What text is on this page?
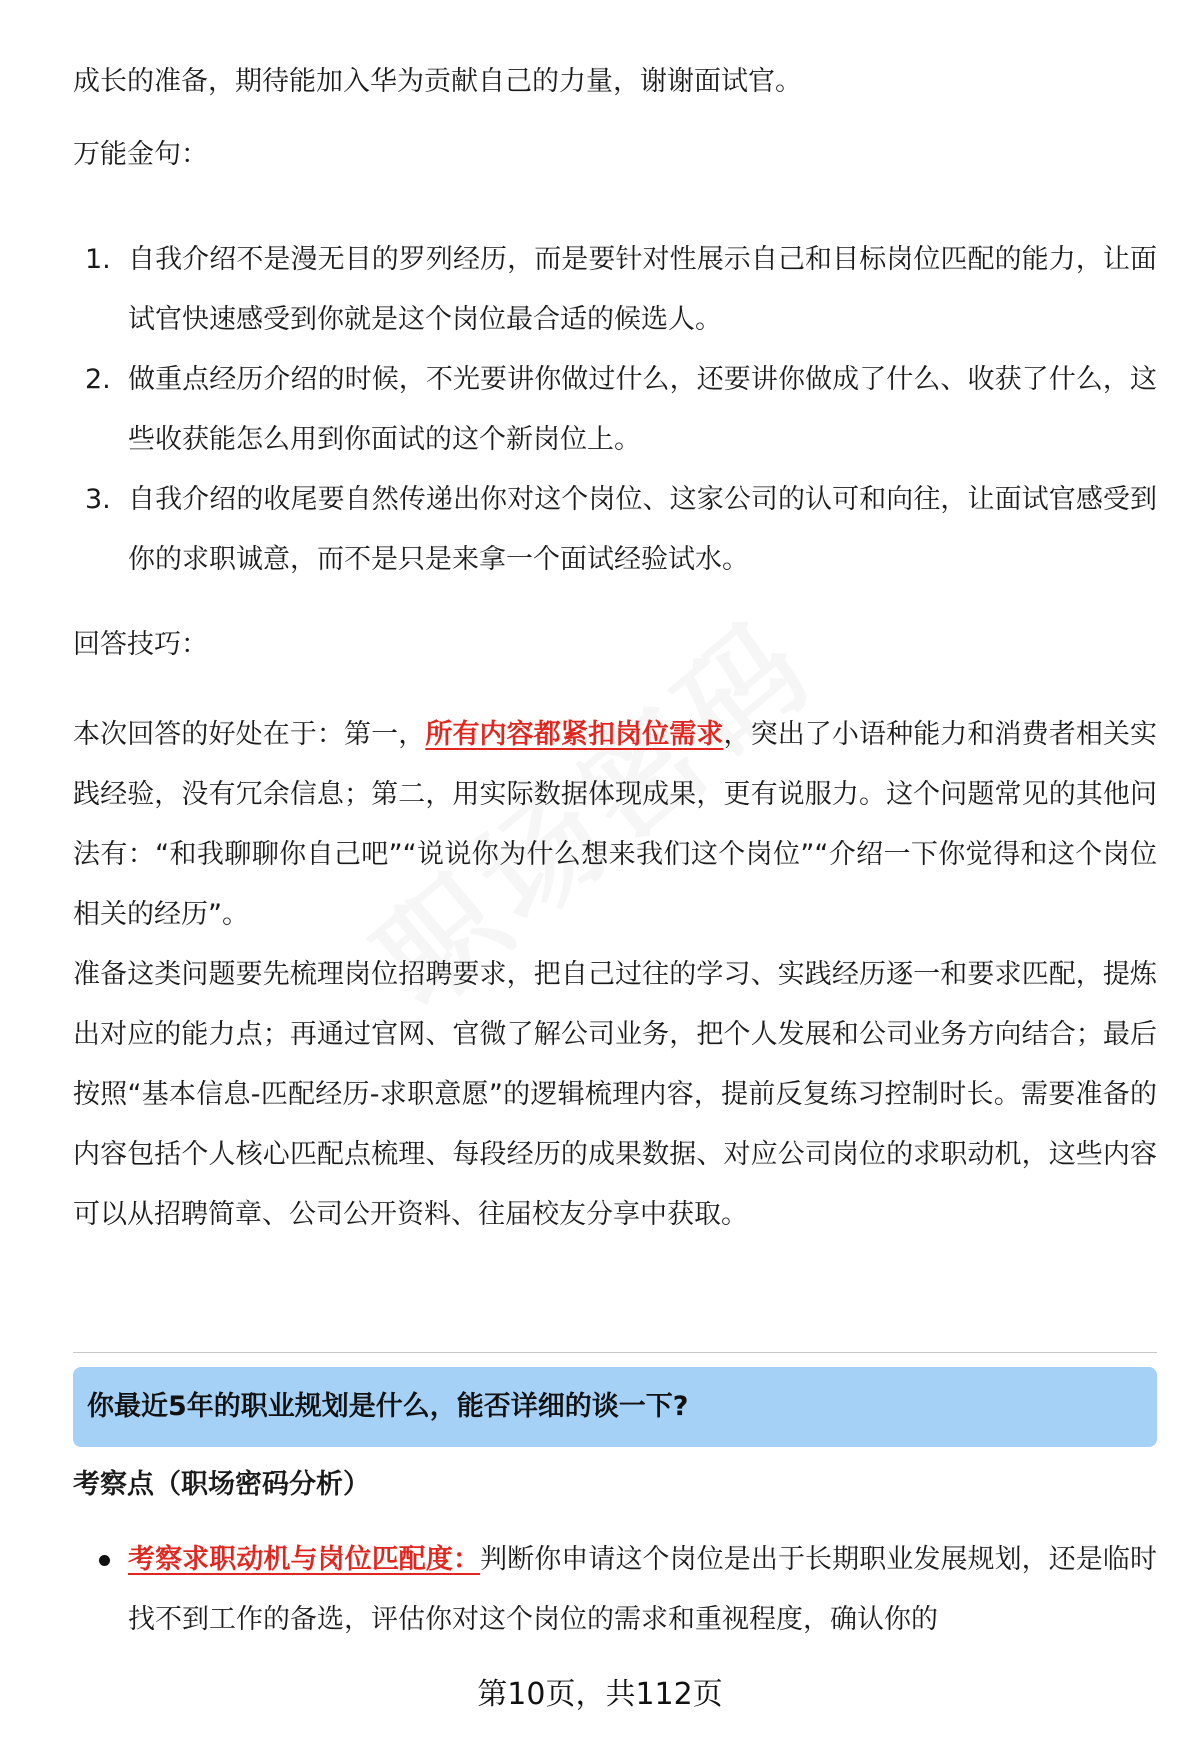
成长的准备，期待能加入华为贡献自己的力量，谢谢面试官。

万能金句：

1. 自我介绍不是漫无目的罗列经历，而是要针对性展示自己和目标岗位匹配的能力，让面试官快速感受到你就是这个岗位最合适的候选人。
2. 做重点经历介绍的时候，不光要讲你做过什么，还要讲你做成了什么、收获了什么，这些收获能怎么用到你面试的这个新岗位上。
3. 自我介绍的收尾要自然传递出你对这个岗位、这家公司的认可和向往，让面试官感受到你的求职诚意，而不是只是来拿一个面试经验试水。

回答技巧：

本次回答的好处在于：第一，所有内容都紧扣岗位需求，突出了小语种能力和消费者相关实践经验，没有冗余信息；第二，用实际数据体现成果，更有说服力。这个问题常见的其他问法有：“和我聊聊你自己吧”“说说你为什么想来我们这个岗位”“介绍一下你觉得和这个岗位相关的经历”。

准备这类问题要先梳理岗位招聘要求，把自己过往的学习、实践经历逐一和要求匹配，提炼出对应的能力点；再通过官网、官微了解公司业务，把个人发展和公司业务方向结合；最后按照“基本信息-匹配经历-求职意愿”的逻辑梳理内容，提前反复练习控制时长。需要准备的内容包括个人核心匹配点梳理、每段经历的成果数据、对应公司岗位的求职动机，这些内容可以从招聘简章、公司公开资料、往届校友分享中获取。

你最近5年的职业规划是什么，能否详细的谈一下?
考察点（职场密码分析）
考察求职动机与岗位匹配度：判断你申请这个岗位是出于长期职业发展规划，还是临时找不到工作的备选，评估你对这个岗位的需求和重视程度，确认你的
第10页，共112页
